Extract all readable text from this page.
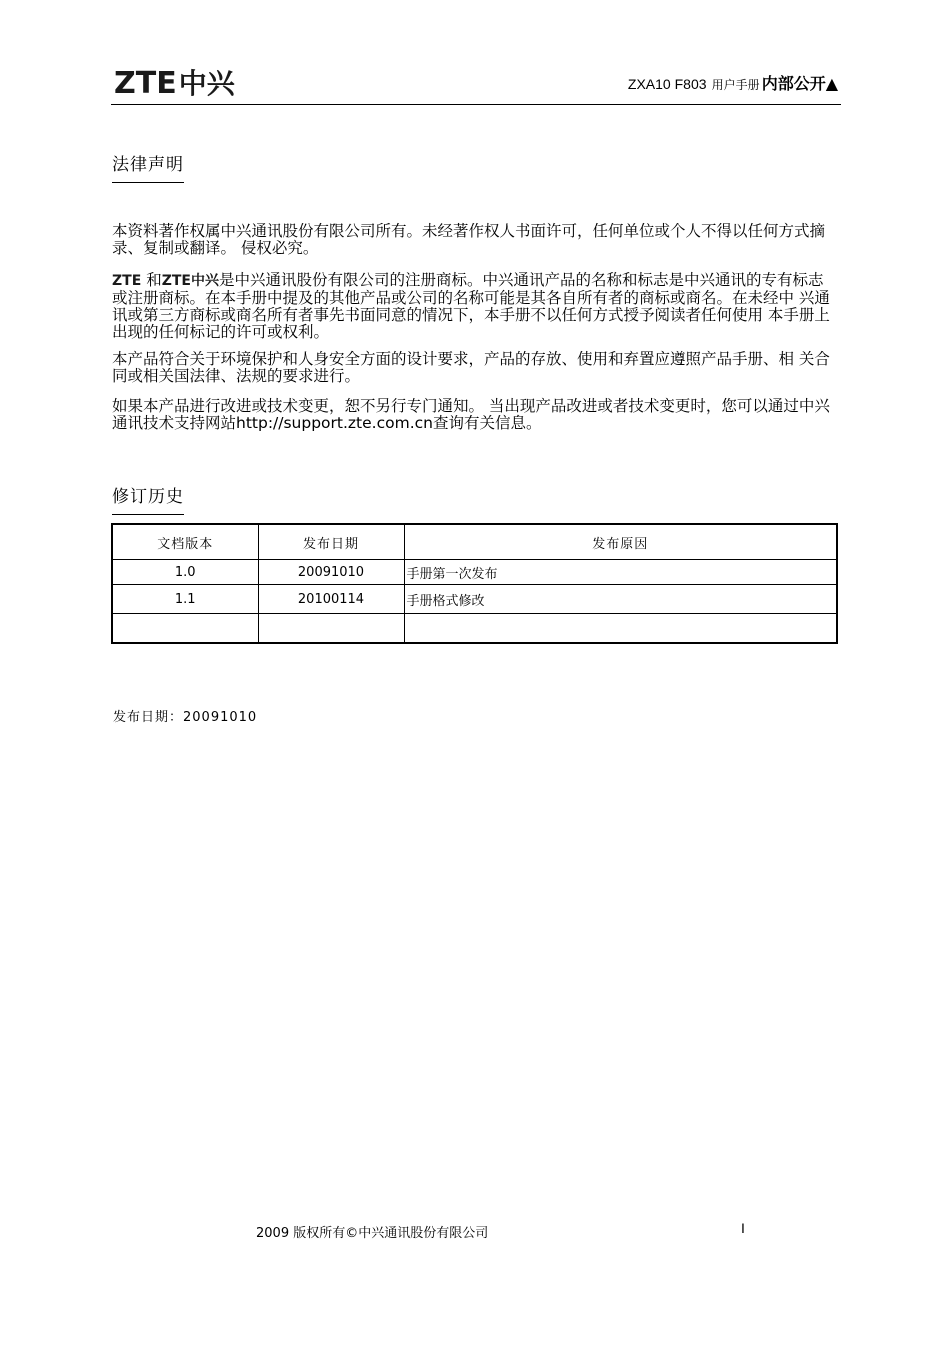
ZTE 中兴	ZXA10 F803 用户手册 内部公开▲
法律声明
本资料著作权属中兴通讯股份有限公司所有。未经著作权人书面许可，任何单位或个人不得以任何方式摘录、复制或翻译。 侵权必究。
ZTE 和ZTE中兴是中兴通讯股份有限公司的注册商标。中兴通讯产品的名称和标志是中兴通讯的专有标志 或注册商标。在本手册中提及的其他产品或公司的名称可能是其各自所有者的商标或商名。在未经中 兴通讯或第三方商标或商名所有者事先书面同意的情况下，本手册不以任何方式授予阅读者任何使用 本手册上出现的任何标记的许可或权利。
本产品符合关于环境保护和人身安全方面的设计要求，产品的存放、使用和弃置应遵照产品手册、相 关合同或相关国法律、法规的要求进行。
如果本产品进行改进或技术变更，恕不另行专门通知。 当出现产品改进或者技术变更时，您可以通过中兴通讯技术支持网站http://support.zte.com.cn查询有关信息。
修订历史
文档版本	发布日期	发布原因
1.0	20091010	手册第一次发布
1.1	20100114	手册格式修改

发布日期：20091010
2009 版权所有©中兴通讯股份有限公司	I
